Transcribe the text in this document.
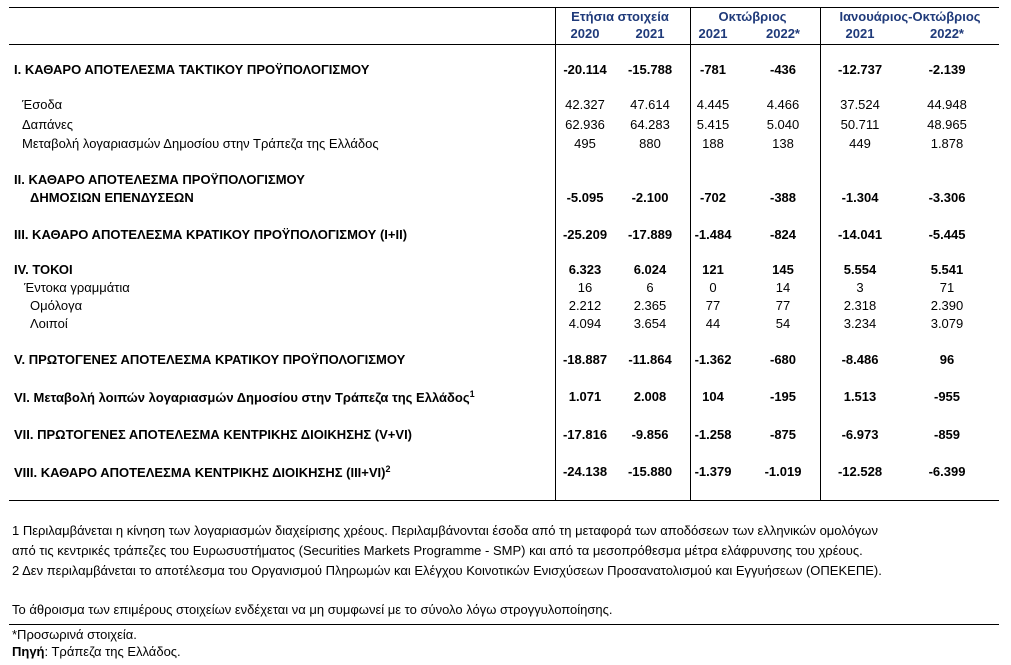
Ετήσια στοιχεία	Οκτώβριος	Ιανουάριος-Οκτώβριος
2020	2021	2021	2022*	2021	2022*
I. ΚΑΘΑΡΟ ΑΠΟΤΕΛΕΣΜΑ ΤΑΚΤΙΚΟΥ ΠΡΟΫΠΟΛΟΓΙΣΜΟΥ	-20.114	-15.788	-781	-436	-12.737	-2.139
Έσοδα	42.327	47.614	4.445	4.466	37.524	44.948
Δαπάνες	62.936	64.283	5.415	5.040	50.711	48.965
Μεταβολή λογαριασμών Δημοσίου στην Τράπεζα της Ελλάδος	495	880	188	138	449	1.878
II. ΚΑΘΑΡΟ ΑΠΟΤΕΛΕΣΜΑ ΠΡΟΫΠΟΛΟΓΙΣΜΟΥ
ΔΗΜΟΣΙΩΝ ΕΠΕΝΔΥΣΕΩΝ	-5.095	-2.100	-702	-388	-1.304	-3.306
III. ΚΑΘΑΡΟ ΑΠΟΤΕΛΕΣΜΑ ΚΡΑΤΙΚΟΥ ΠΡΟΫΠΟΛΟΓΙΣΜΟΥ (I+II)	-25.209	-17.889	-1.484	-824	-14.041	-5.445
IV. ΤΟΚΟΙ	6.323	6.024	121	145	5.554	5.541
Έντοκα γραμμάτια	16	6	0	14	3	71
Ομόλογα	2.212	2.365	77	77	2.318	2.390
Λοιποί	4.094	3.654	44	54	3.234	3.079
V. ΠΡΩΤΟΓΕΝΕΣ ΑΠΟΤΕΛΕΣΜΑ ΚΡΑΤΙΚΟΥ ΠΡΟΫΠΟΛΟΓΙΣΜΟΥ	-18.887	-11.864	-1.362	-680	-8.486	96
VI. Μεταβολή λοιπών λογαριασμών Δημοσίου στην Τράπεζα της Ελλάδος$^1$	1.071	2.008	104	-195	1.513	-955
VII. ΠΡΩΤΟΓΕΝΕΣ ΑΠΟΤΕΛΕΣΜΑ ΚΕΝΤΡΙΚΗΣ ΔΙΟΙΚΗΣΗΣ (V+VI)	-17.816	-9.856	-1.258	-875	-6.973	-859
VIII. ΚΑΘΑΡΟ ΑΠΟΤΕΛΕΣΜΑ ΚΕΝΤΡΙΚΗΣ ΔΙΟΙΚΗΣΗΣ $(III+VI)^2$	-24.138	-15.880	-1.379	-1.019	-12.528	-6.399
1 Περιλαμβάνεται η κίνηση των λογαριασμών διαχείρισης χρέους. Περιλαμβάνονται έσοδα από τη μεταφορά των αποδόσεων των ελληνικών ομολόγων
από τις κεντρικές τράπεζες του Ευρωσυστήματος (Securities Markets Programme - SMP) και από τα μεσοπρόθεσμα μέτρα ελάφρυνσης του χρέους.
2 Δεν περιλαμβάνεται το αποτέλεσμα του Οργανισμού Πληρωμών και Ελέγχου Κοινοτικών Ενισχύσεων Προσανατολισμού και Εγγυήσεων (ΟΠΕΚΕΠΕ).
Το άθροισμα των επιμέρους στοιχείων ενδέχεται να μη συμφωνεί με το σύνολο λόγω στρογγυλοποίησης.
*Προσωρινά στοιχεία.
Πηγή: Τράπεζα της Ελλάδος.
